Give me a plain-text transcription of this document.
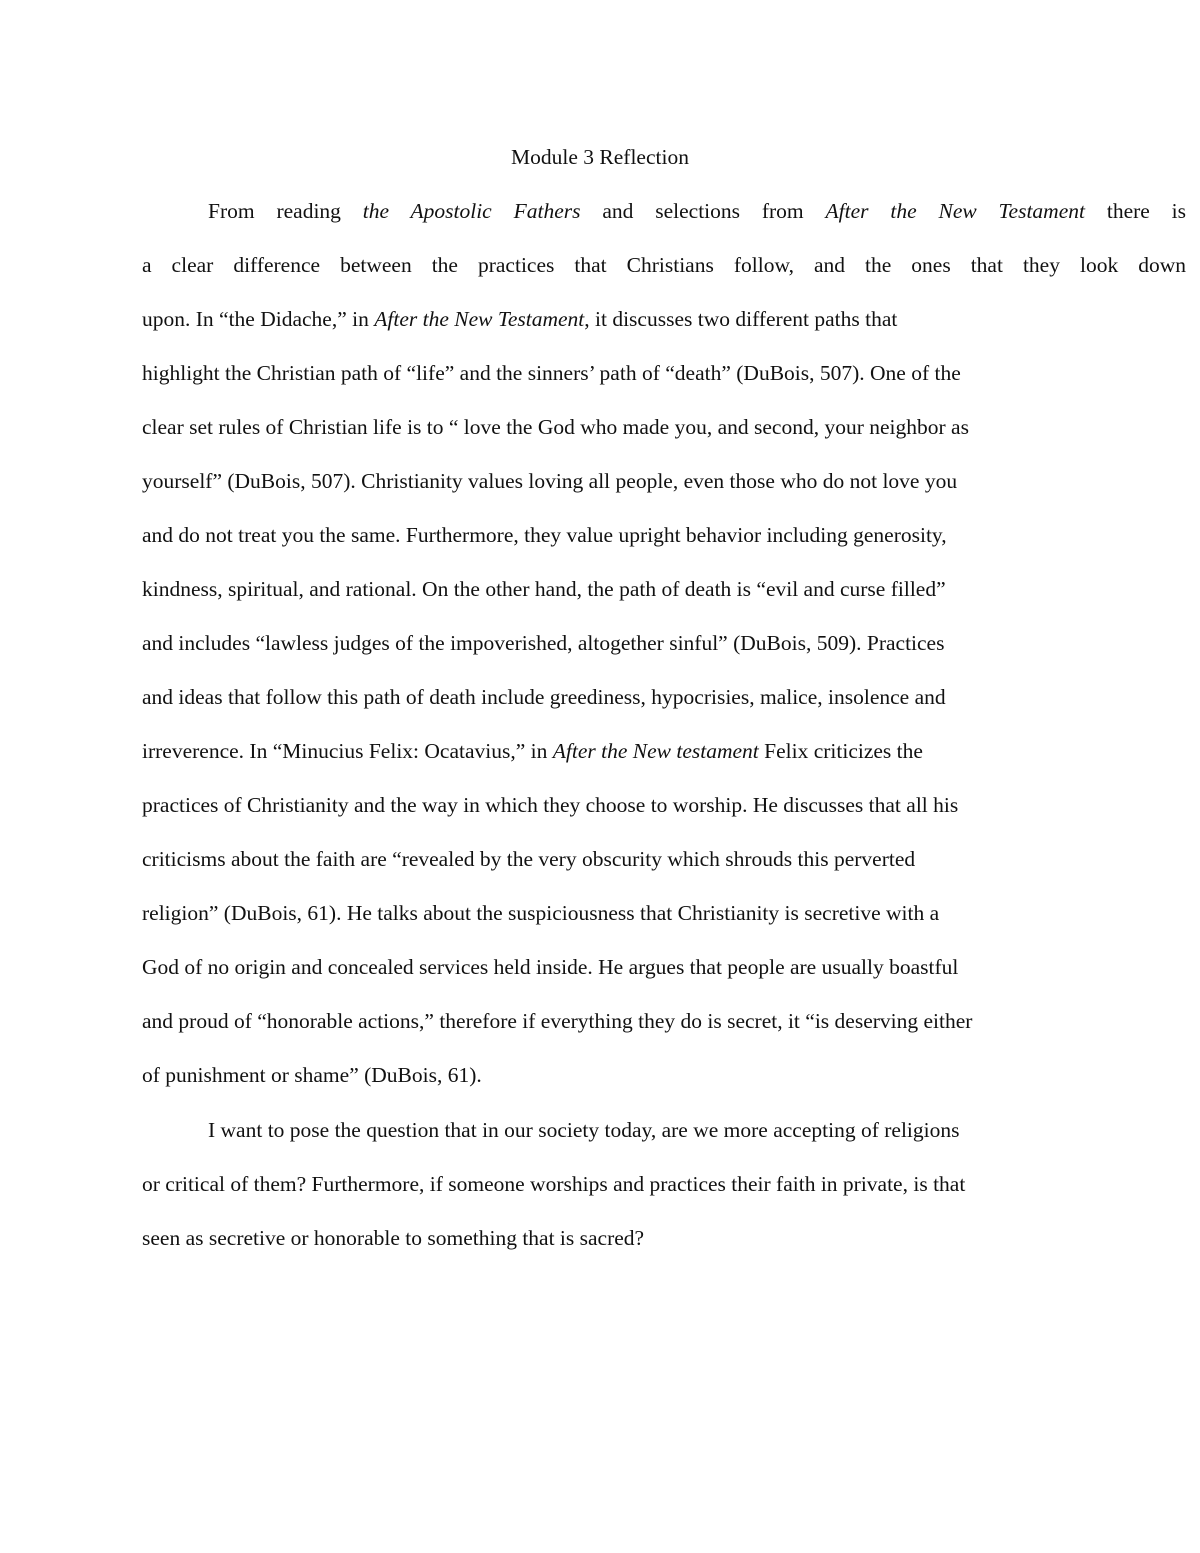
Module 3 Reflection

From reading the Apostolic Fathers and selections from After the New Testament there is

a clear difference between the practices that Christians follow, and the ones that they look down

upon. In “the Didache,” in After the New Testament, it discusses two different paths that

highlight the Christian path of “life” and the sinners’ path of “death” (DuBois, 507). One of the

clear set rules of Christian life is to “ love the God who made you, and second, your neighbor as

yourself” (DuBois, 507). Christianity values loving all people, even those who do not love you

and do not treat you the same. Furthermore, they value upright behavior including generosity,

kindness, spiritual, and rational. On the other hand, the path of death is “evil and curse filled”

and includes “lawless judges of the impoverished, altogether sinful” (DuBois, 509). Practices

and ideas that follow this path of death include greediness, hypocrisies, malice, insolence and

irreverence. In “Minucius Felix: Ocatavius,” in After the New testament Felix criticizes the

practices of Christianity and the way in which they choose to worship. He discusses that all his

criticisms about the faith are “revealed by the very obscurity which shrouds this perverted

religion” (DuBois, 61). He talks about the suspiciousness that Christianity is secretive with a

God of no origin and concealed services held inside. He argues that people are usually boastful

and proud of “honorable actions,” therefore if everything they do is secret, it “is deserving either

of punishment or shame” (DuBois, 61).

I want to pose the question that in our society today, are we more accepting of religions

or critical of them? Furthermore, if someone worships and practices their faith in private, is that

seen as secretive or honorable to something that is sacred?
